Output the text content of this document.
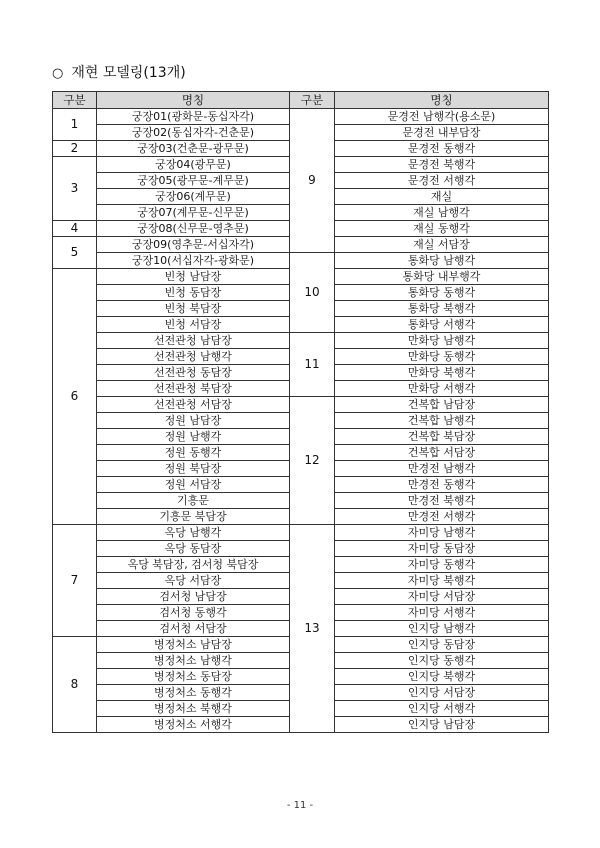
○ 재현 모델링(13개)
구분	명칭	구분	명칭
1	궁장01(광화문-동십자각)	9	문경전 남행각(용소문)
	궁장02(동십자각-건춘문)		문경전 내부담장
2	궁장03(건춘문-광무문)		문경전 동행각
3	궁장04(광무문)		문경전 북행각
	궁장05(광무문-계무문)		문경전 서행각
	궁장06(계무문)		재실
	궁장07(계무문-신무문)		재실 남행각
4	궁장08(신무문-영추문)		재실 동행각
5	궁장09(영추문-서십자각)		재실 서담장
	궁장10(서십자각-광화문)	10	통화당 남행각
6	빈청 남담장		통화당 내부행각
	빈청 동담장		통화당 동행각
	빈청 북담장		통화당 북행각
	빈청 서담장		통화당 서행각
	선전관청 남담장	11	만화당 남행각
	선전관청 남행각		만화당 동행각
	선전관청 동담장		만화당 북행각
	선전관청 북담장		만화당 서행각
	선전관청 서담장	12	건복합 남담장
	정원 남담장		건복합 남행각
	정원 남행각		건복합 북담장
	정원 동행각		건복합 서담장
	정원 북담장		만경전 남행각
	정원 서담장		만경전 동행각
	기흥문		만경전 북행각
	기흥문 북담장		만경전 서행각
7	옥당 남행각	13	자미당 남행각
	옥당 동담장		자미당 동담장
	옥당 북담장, 검서청 북담장		자미당 동행각
	옥당 서담장		자미당 북행각
	검서청 남담장		자미당 서담장
	검서청 동행각		자미당 서행각
	검서청 서담장		인지당 남행각
8	병정처소 남담장		인지당 동담장
	병정처소 남행각		인지당 동행각
	병정처소 동담장		인지당 북행각
	병정처소 동행각		인지당 서담장
	병정처소 북행각		인지당 서행각
	병정처소 서행각		인지당 남담장
- 11 -
